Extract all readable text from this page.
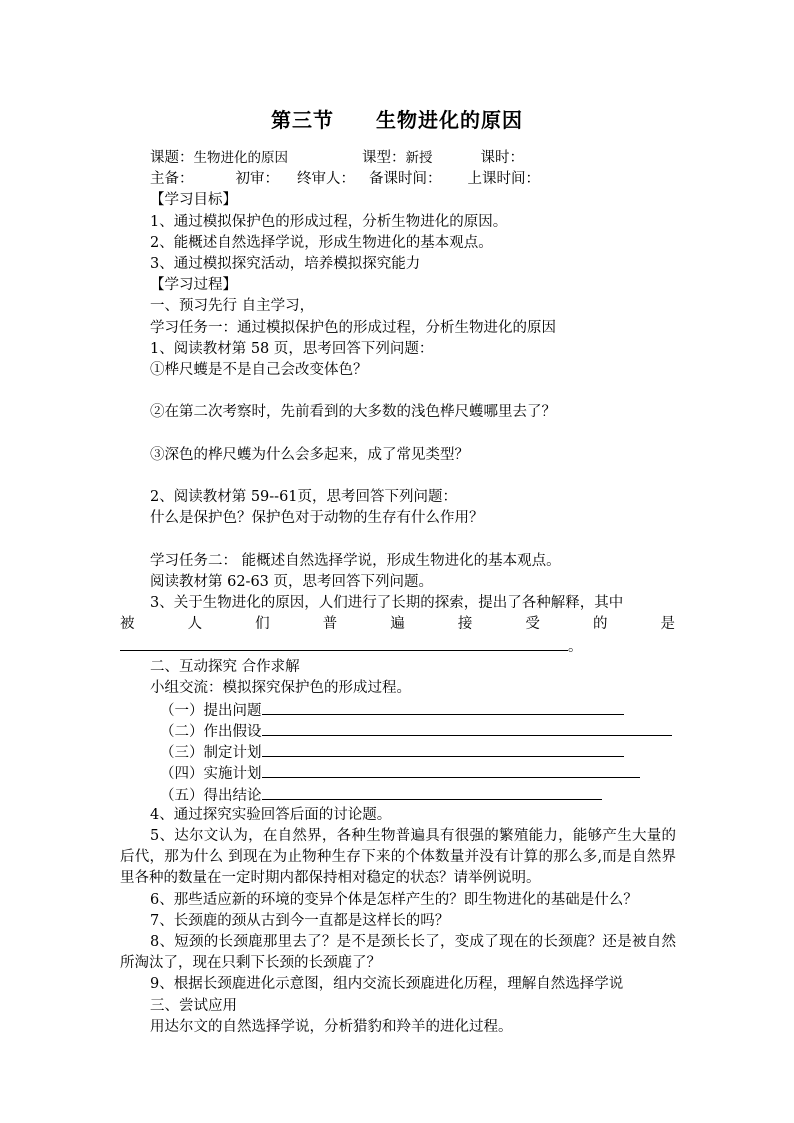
第三节　　生物进化的原因
课题：生物进化的原因	课型：新授	课时：
主备：	初审： 终审人： 备课时间： 上课时间：
【学习目标】
1、通过模拟保护色的形成过程，分析生物进化的原因。
2、能概述自然选择学说，形成生物进化的基本观点。
3、通过模拟探究活动，培养模拟探究能力
【学习过程】
一、预习先行 自主学习，
学习任务一：通过模拟保护色的形成过程，分析生物进化的原因
1、阅读教材第 58 页，思考回答下列问题：
①桦尺蠖是不是自己会改变体色？
②在第二次考察时，先前看到的大多数的浅色桦尺蠖哪里去了？
③深色的桦尺蠖为什么会多起来，成了常见类型？
2、阅读教材第 59--61页，思考回答下列问题：
什么是保护色？保护色对于动物的生存有什么作用？
学习任务二： 能概述自然选择学说，形成生物进化的基本观点。
阅读教材第 62-63 页，思考回答下列问题。
3、关于生物进化的原因，人们进行了长期的探索，提出了各种解释，其中
被	人	们	普	遍	接	受	的	是
。
二、互动探究 合作求解
小组交流：模拟探究保护色的形成过程。
（一）提出问题
（二）作出假设
（三）制定计划
（四）实施计划
（五）得出结论
4、通过探究实验回答后面的讨论题。
5、达尔文认为，在自然界，各种生物普遍具有很强的繁殖能力，能够产生大量的后代，那为什么 到现在为止物种生存下来的个体数量并没有计算的那么多,而是自然界里各种的数量在一定时期内都保持相对稳定的状态？请举例说明。
6、那些适应新的环境的变异个体是怎样产生的？即生物进化的基础是什么？
7、长颈鹿的颈从古到今一直都是这样长的吗？
8、短颈的长颈鹿那里去了？是不是颈长长了，变成了现在的长颈鹿？还是被自然所淘汰了，现在只剩下长颈的长颈鹿了？
9、根据长颈鹿进化示意图，组内交流长颈鹿进化历程，理解自然选择学说
三、尝试应用
用达尔文的自然选择学说，分析猎豹和羚羊的进化过程。
